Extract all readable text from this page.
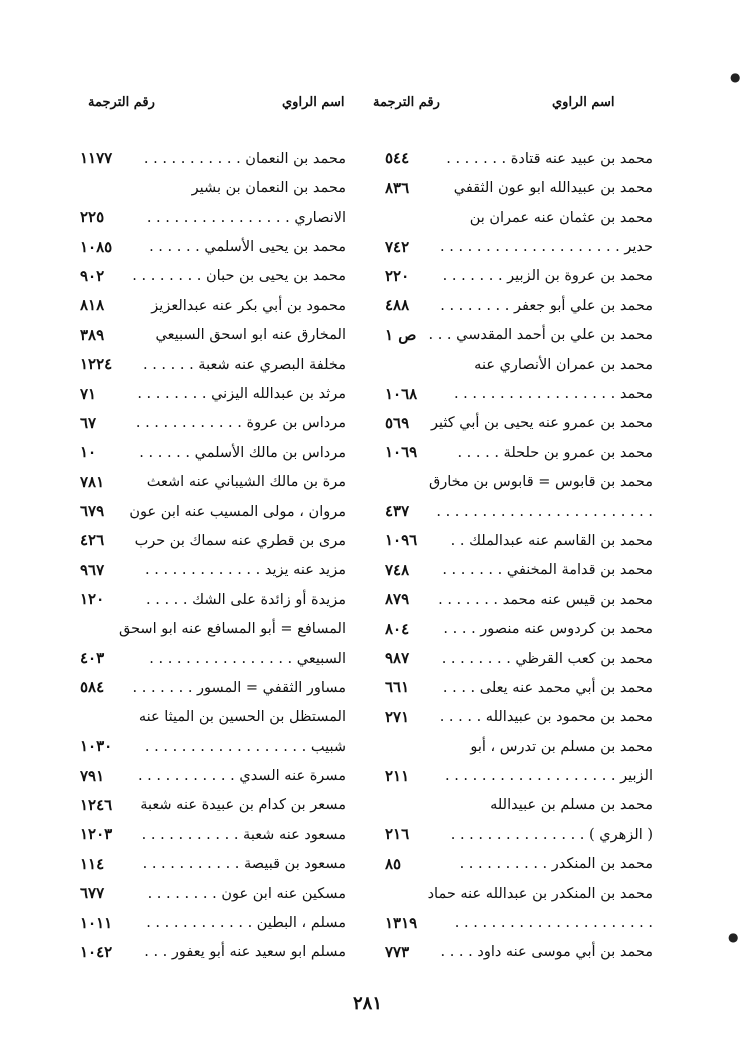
اسم الراوي
رقم الترجمة
اسم الراوي
رقم الترجمة
محمد بن عبيد عنه قتادة . . . . . . .
٥٤٤
محمد بن عبيدالله ابو عون الثقفي
٨٣٦
محمد بن عثمان عنه عمران بن
حدير . . . . . . . . . . . . . . . . . . . .
٧٤٢
محمد بن عروة بن الزبير . . . . . . .
٢٢٠
محمد بن علي أبو جعفر . . . . . . . .
٤٨٨
محمد بن علي بن أحمد المقدسي . . .
ص ١
محمد بن عمران الأنصاري عنه
محمد . . . . . . . . . . . . . . . . . .
١٠٦٨
محمد بن عمرو عنه يحيى بن أبي كثير
٥٦٩
محمد بن عمرو بن حلحلة . . . . .
١٠٦٩
محمد بن قابوس = قابوس بن مخارق
. . . . . . . . . . . . . . . . . . . . . . . .
٤٣٧
محمد بن القاسم عنه عبدالملك . .
١٠٩٦
محمد بن قدامة المخنفي . . . . . . .
٧٤٨
محمد بن قيس عنه محمد . . . . . . .
٨٧٩
محمد بن كردوس عنه منصور . . . .
٨٠٤
محمد بن كعب القرظي . . . . . . . .
٩٨٧
محمد بن أبي محمد عنه يعلى . . . .
٦٦١
محمد بن محمود بن عبيدالله . . . . .
٢٧١
محمد بن مسلم بن تدرس ، أبو
الزبير . . . . . . . . . . . . . . . . . . .
٢١١
محمد بن مسلم بن عبيدالله
( الزهري ) . . . . . . . . . . . . . . .
٢١٦
محمد بن المنكدر . . . . . . . . . .
٨٥
محمد بن المنكدر بن عبدالله عنه حماد
. . . . . . . . . . . . . . . . . . . . . .
١٣١٩
محمد بن أبي موسى عنه داود . . . .
٧٧٣
محمد بن النعمان . . . . . . . . . . .
١١٧٧
محمد بن النعمان بن بشير
الانصاري . . . . . . . . . . . . . . . .
٢٢٥
محمد بن يحيى الأسلمي . . . . . .
١٠٨٥
محمد بن يحيى بن حبان . . . . . . . .
٩٠٢
محمود بن أبي بكر عنه عبدالعزيز
٨١٨
المخارق عنه ابو اسحق السبيعي
٣٨٩
مخلفة البصري عنه شعبة . . . . . .
١٢٢٤
مرثد بن عبدالله اليزني . . . . . . . .
٧١
مرداس بن عروة . . . . . . . . . . . .
٦٧
مرداس بن مالك الأسلمي . . . . . .
١٠
مرة بن مالك الشيباني عنه اشعث
٧٨١
مروان ، مولى المسيب عنه ابن عون
٦٧٩
مرى بن قطري عنه سماك بن حرب
٤٢٦
مزيد عنه يزيد . . . . . . . . . . . . .
٩٦٧
مزيدة أو زائدة على الشك . . . . .
١٢٠
المسافع = أبو المسافع عنه ابو اسحق
السبيعي . . . . . . . . . . . . . . . .
٤٠٣
مساور الثقفي = المسور . . . . . . .
٥٨٤
المستظل بن الحسين بن الميثا عنه
شبيب . . . . . . . . . . . . . . . . . .
١٠٣٠
مسرة عنه السدي . . . . . . . . . . .
٧٩١
مسعر بن كدام بن عبيدة عنه شعبة
١٢٤٦
مسعود عنه شعبة . . . . . . . . . . .
١٢٠٣
مسعود بن قبيصة . . . . . . . . . . .
١١٤
مسكين عنه ابن عون . . . . . . . .
٦٧٧
مسلم ، البطين . . . . . . . . . . . .
١٠١١
مسلم ابو سعيد عنه أبو يعفور . . .
١٠٤٢
٢٨١
●
●
